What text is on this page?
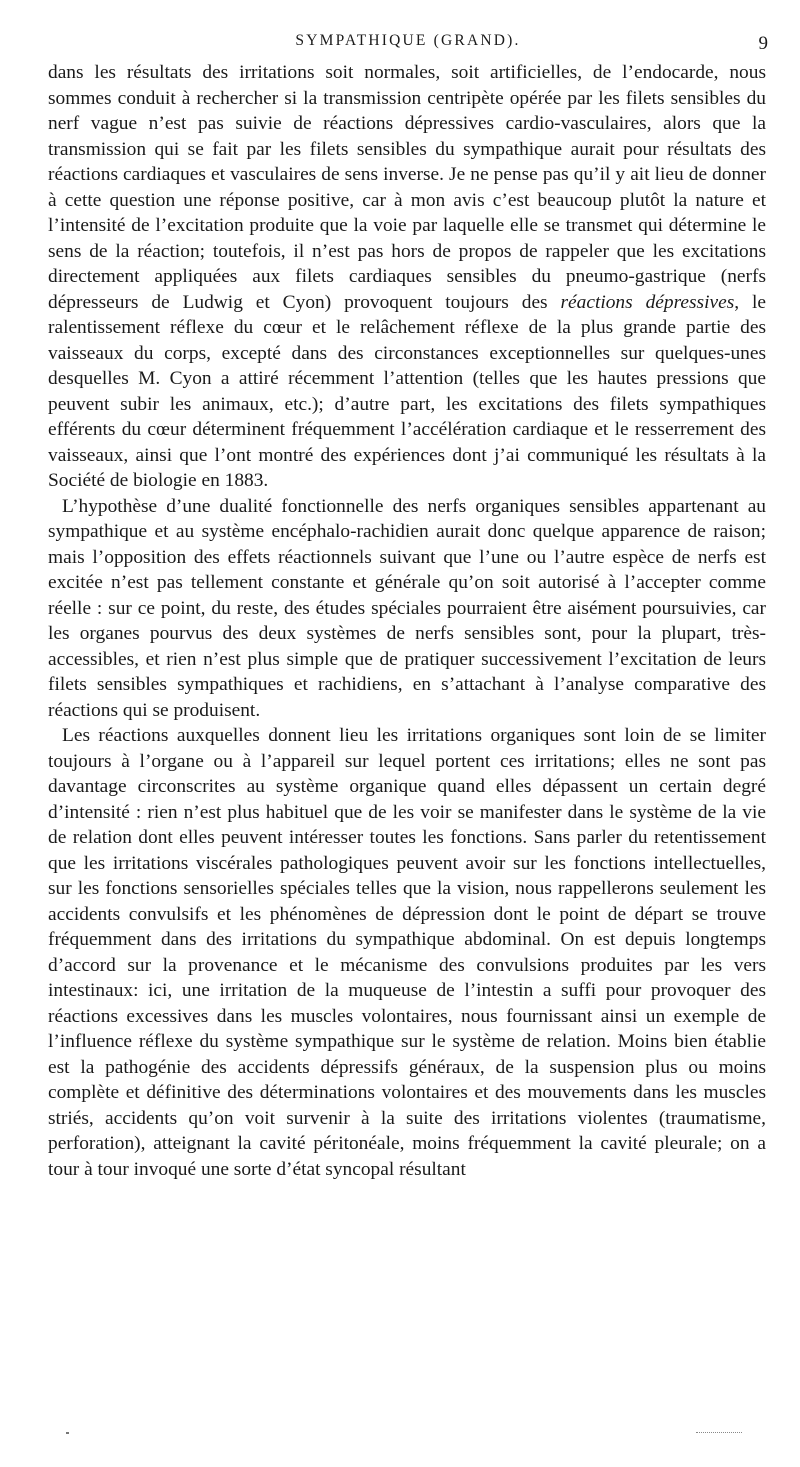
SYMPATHIQUE (GRAND).	9

dans les résultats des irritations soit normales, soit artificielles, de l’endocarde, nous sommes conduit à rechercher si la transmission centripète opérée par les filets sensibles du nerf vague n’est pas suivie de réactions dépressives cardio-vasculaires, alors que la transmission qui se fait par les filets sensibles du sympathique aurait pour résultats des réactions cardiaques et vasculaires de sens inverse. Je ne pense pas qu’il y ait lieu de donner à cette question une réponse positive, car à mon avis c’est beaucoup plutôt la nature et l’intensité de l’excitation produite que la voie par laquelle elle se transmet qui détermine le sens de la réaction; toutefois, il n’est pas hors de propos de rappeler que les excitations directement appliquées aux filets cardiaques sensibles du pneumo-gastrique (nerfs dépresseurs de Ludwig et Cyon) provoquent toujours des réactions dépressives, le ralentissement réflexe du cœur et le relâchement réflexe de la plus grande partie des vaisseaux du corps, excepté dans des circonstances exceptionnelles sur quelques-unes desquelles M. Cyon a attiré récemment l’attention (telles que les hautes pressions que peuvent subir les animaux, etc.); d’autre part, les excitations des filets sympathiques efférents du cœur déterminent fréquemment l’accélération cardiaque et le resserrement des vaisseaux, ainsi que l’ont montré des expériences dont j’ai communiqué les résultats à la Société de biologie en 1883.

L’hypothèse d’une dualité fonctionnelle des nerfs organiques sensibles appartenant au sympathique et au système encéphalo-rachidien aurait donc quelque apparence de raison; mais l’opposition des effets réactionnels suivant que l’une ou l’autre espèce de nerfs est excitée n’est pas tellement constante et générale qu’on soit autorisé à l’accepter comme réelle : sur ce point, du reste, des études spéciales pourraient être aisément poursuivies, car les organes pourvus des deux systèmes de nerfs sensibles sont, pour la plupart, très-accessibles, et rien n’est plus simple que de pratiquer successivement l’excitation de leurs filets sensibles sympathiques et rachidiens, en s’attachant à l’analyse comparative des réactions qui se produisent.

Les réactions auxquelles donnent lieu les irritations organiques sont loin de se limiter toujours à l’organe ou à l’appareil sur lequel portent ces irritations; elles ne sont pas davantage circonscrites au système organique quand elles dépassent un certain degré d’intensité : rien n’est plus habituel que de les voir se manifester dans le système de la vie de relation dont elles peuvent intéresser toutes les fonctions. Sans parler du retentissement que les irritations viscérales pathologiques peuvent avoir sur les fonctions intellectuelles, sur les fonctions sensorielles spéciales telles que la vision, nous rappellerons seulement les accidents convulsifs et les phénomènes de dépression dont le point de départ se trouve fréquemment dans des irritations du sympathique abdominal. On est depuis longtemps d’accord sur la provenance et le mécanisme des convulsions produites par les vers intestinaux: ici, une irritation de la muqueuse de l’intestin a suffi pour provoquer des réactions excessives dans les muscles volontaires, nous fournissant ainsi un exemple de l’influence réflexe du système sympathique sur le système de relation. Moins bien établie est la pathogénie des accidents dépressifs généraux, de la suspension plus ou moins complète et définitive des déterminations volontaires et des mouvements dans les muscles striés, accidents qu’on voit survenir à la suite des irritations violentes (traumatisme, perforation), atteignant la cavité péritonéale, moins fréquemment la cavité pleurale; on a tour à tour invoqué une sorte d’état syncopal résultant
